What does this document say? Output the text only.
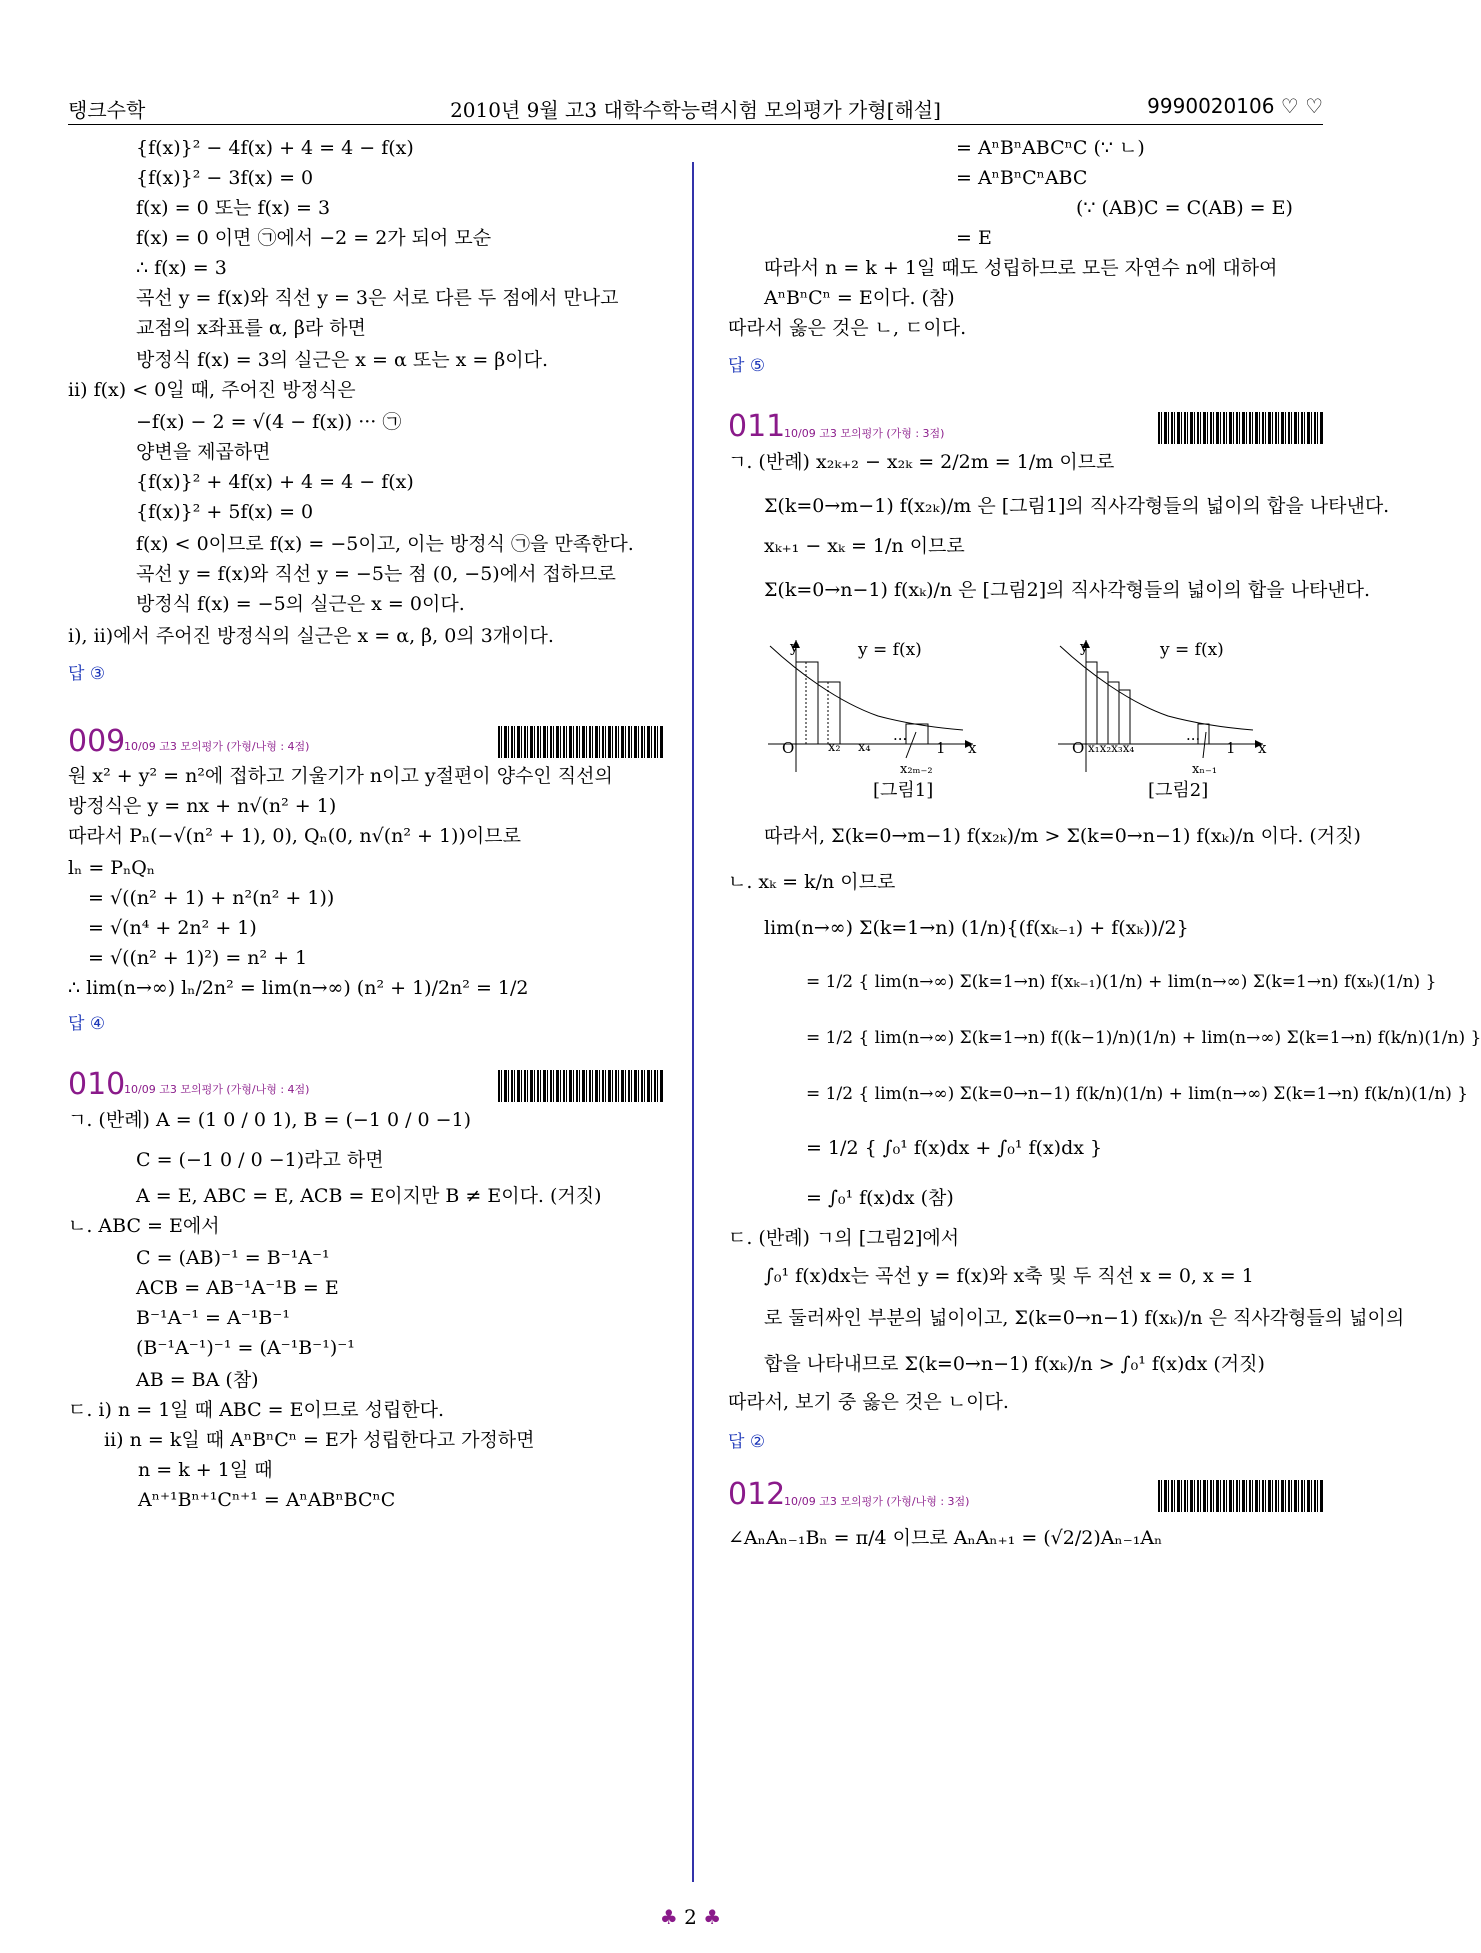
탱크수학	2010년 9월 고3 대학수학능력시험 모의평가 가형[해설]	9990020106 ♡ ♡
{f(x)}² − 4f(x) + 4 = 4 − f(x)
{f(x)}² − 3f(x) = 0
f(x) = 0 또는 f(x) = 3
f(x) = 0 이면 ㉠에서 −2 = 2가 되어 모순
∴ f(x) = 3
곡선 y = f(x)와 직선 y = 3은 서로 다른 두 점에서 만나고
교점의 x좌표를 α, β라 하면
방정식 f(x) = 3의 실근은 x = α 또는 x = β이다.
ⅱ) f(x) < 0일 때, 주어진 방정식은
−f(x) − 2 = √(4 − f(x)) ··· ㉠
양변을 제곱하면
{f(x)}² + 4f(x) + 4 = 4 − f(x)
{f(x)}² + 5f(x) = 0
f(x) < 0이므로 f(x) = −5이고, 이는 방정식 ㉠을 만족한다.
곡선 y = f(x)와 직선 y = −5는 점 (0, −5)에서 접하므로
방정식 f(x) = −5의 실근은 x = 0이다.
ⅰ), ⅱ)에서 주어진 방정식의 실근은 x = α, β, 0의 3개이다.
답 ③
009
10/09 고3 모의평가 (가형/나형 : 4점)
원 x² + y² = n²에 접하고 기울기가 n이고 y절편이 양수인 직선의
방정식은 y = nx + n√(n² + 1)
따라서 Pₙ(−√(n² + 1), 0), Qₙ(0, n√(n² + 1))이므로
lₙ = PₙQₙ
= √((n² + 1) + n²(n² + 1))
= √(n⁴ + 2n² + 1)
= √((n² + 1)²) = n² + 1
∴ lim(n→∞) lₙ/2n² = lim(n→∞) (n² + 1)/2n² = 1/2
답 ④
010
10/09 고3 모의평가 (가형/나형 : 4점)
ㄱ. (반례) A = (1 0 / 0 1), B = (−1 0 / 0 −1)
C = (−1 0 / 0 −1)라고 하면
A = E, ABC = E, ACB = E이지만 B ≠ E이다. (거짓)
ㄴ. ABC = E에서
C = (AB)⁻¹ = B⁻¹A⁻¹
ACB = AB⁻¹A⁻¹B = E
B⁻¹A⁻¹ = A⁻¹B⁻¹
(B⁻¹A⁻¹)⁻¹ = (A⁻¹B⁻¹)⁻¹
AB = BA (참)
ㄷ. ⅰ) n = 1일 때 ABC = E이므로 성립한다.
ⅱ) n = k일 때 AⁿBⁿCⁿ = E가 성립한다고 가정하면
n = k + 1일 때
Aⁿ⁺¹Bⁿ⁺¹Cⁿ⁺¹ = AⁿABⁿBCⁿC
= AⁿBⁿABCⁿC (∵ ㄴ)
= AⁿBⁿCⁿABC
(∵ (AB)C = C(AB) = E)
= E
따라서 n = k + 1일 때도 성립하므로 모든 자연수 n에 대하여
AⁿBⁿCⁿ = E이다. (참)
따라서 옳은 것은 ㄴ, ㄷ이다.
답 ⑤
011
10/09 고3 모의평가 (가형 : 3점)
ㄱ. (반례) x₂ₖ₊₂ − x₂ₖ = 2/2m = 1/m 이므로
Σ(k=0→m−1) f(x₂ₖ)/m 은 [그림1]의 직사각형들의 넓이의 합을 나타낸다.
xₖ₊₁ − xₖ = 1/n 이므로
Σ(k=0→n−1) f(xₖ)/n 은 [그림2]의 직사각형들의 넓이의 합을 나타낸다.
y = f(x)
y
x
O	x₂ x₄ ···
x₂ₘ₋₂
1
[그림1]
y = f(x)
y
x
O x₁x₂x₃x₄	···
xₙ₋₁
1
[그림2]
따라서, Σ(k=0→m−1) f(x₂ₖ)/m > Σ(k=0→n−1) f(xₖ)/n 이다. (거짓)
ㄴ. xₖ = k/n 이므로
lim(n→∞) Σ(k=1→n) (1/n){(f(xₖ₋₁) + f(xₖ))/2}
= 1/2 { lim(n→∞) Σ(k=1→n) f(xₖ₋₁)(1/n) + lim(n→∞) Σ(k=1→n) f(xₖ)(1/n) }
= 1/2 { lim(n→∞) Σ(k=1→n) f((k−1)/n)(1/n) + lim(n→∞) Σ(k=1→n) f(k/n)(1/n) }
= 1/2 { lim(n→∞) Σ(k=0→n−1) f(k/n)(1/n) + lim(n→∞) Σ(k=1→n) f(k/n)(1/n) }
= 1/2 { ∫₀¹ f(x)dx + ∫₀¹ f(x)dx }
= ∫₀¹ f(x)dx (참)
ㄷ. (반례) ㄱ의 [그림2]에서
∫₀¹ f(x)dx는 곡선 y = f(x)와 x축 및 두 직선 x = 0, x = 1
로 둘러싸인 부분의 넓이이고, Σ(k=0→n−1) f(xₖ)/n 은 직사각형들의 넓이의
합을 나타내므로 Σ(k=0→n−1) f(xₖ)/n > ∫₀¹ f(x)dx (거짓)
따라서, 보기 중 옳은 것은 ㄴ이다.
답 ②
012
10/09 고3 모의평가 (가형/나형 : 3점)
∠AₙAₙ₋₁Bₙ = π/4 이므로 AₙAₙ₊₁ = (√2/2)Aₙ₋₁Aₙ
♣ 2 ♣
